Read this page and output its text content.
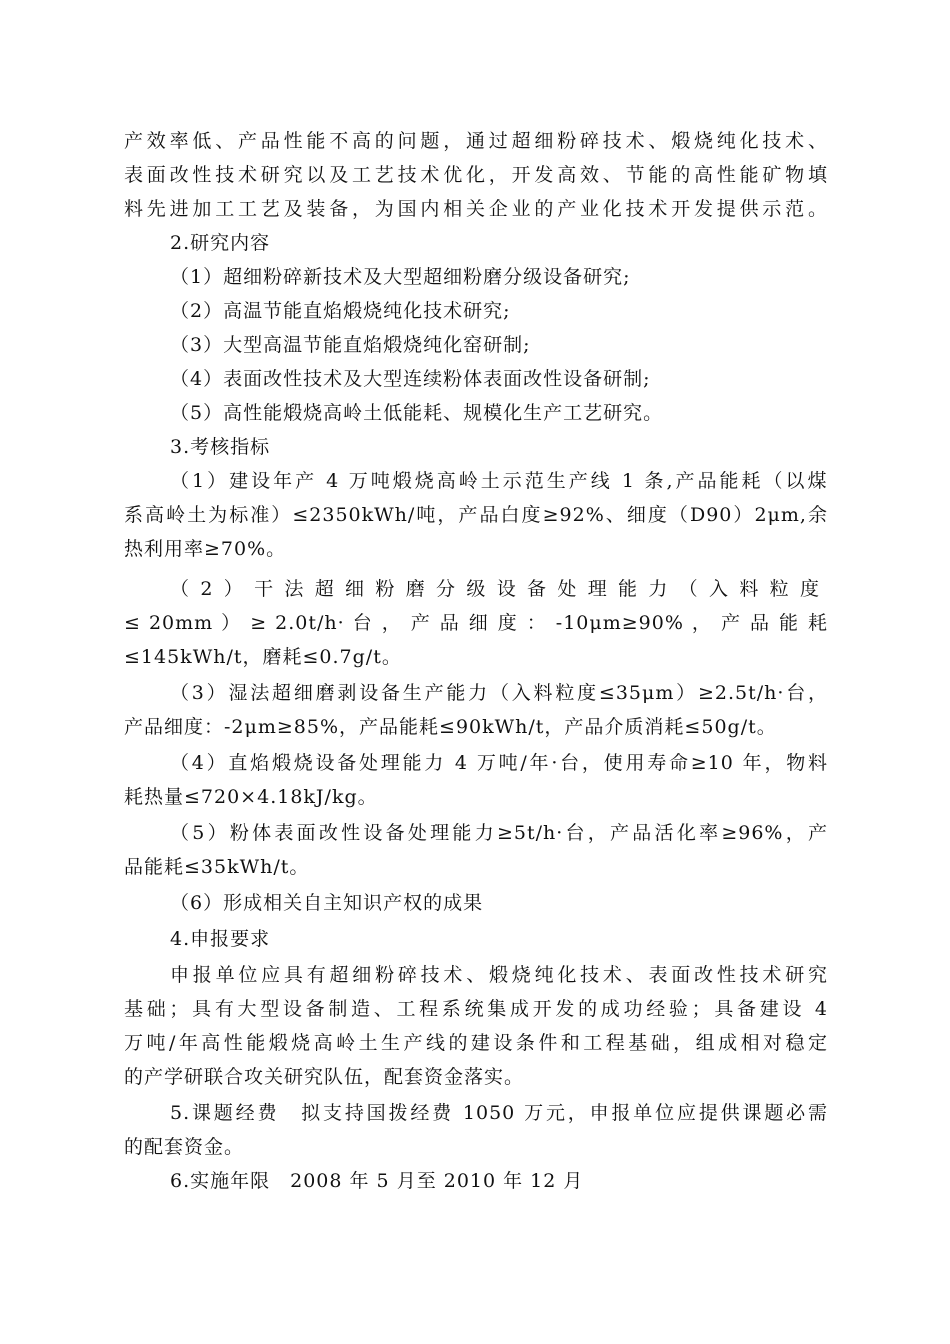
产效率低、产品性能不高的问题，通过超细粉碎技术、煅烧纯化技术、
表面改性技术研究以及工艺技术优化，开发高效、节能的高性能矿物填
料先进加工工艺及装备，为国内相关企业的产业化技术开发提供示范。
2.研究内容
（1）超细粉碎新技术及大型超细粉磨分级设备研究;
（2）高温节能直焰煅烧纯化技术研究;
（3）大型高温节能直焰煅烧纯化窑研制;
（4）表面改性技术及大型连续粉体表面改性设备研制;
（5）高性能煅烧高岭土低能耗、规模化生产工艺研究。
3.考核指标
（1）建设年产 4 万吨煅烧高岭土示范生产线 1 条,产品能耗（以煤
系高岭土为标准）≤2350kWh/吨，产品白度≥92%、细度（D90）2μm,余
热利用率≥70%。
（2）干法超细粉磨分级设备处理能力（入料粒度
≤ 20mm ） ≥ 2.0t/h· 台 ， 产 品 细 度 ： -10μm≥90% ， 产 品 能 耗
≤145kWh/t，磨耗≤0.7g/t。
（3）湿法超细磨剥设备生产能力（入料粒度≤35μm）≥2.5t/h·台，
产品细度：-2μm≥85%，产品能耗≤90kWh/t，产品介质消耗≤50g/t。
（4）直焰煅烧设备处理能力 4 万吨/年·台，使用寿命≥10 年，物料
耗热量≤720×4.18kJ/kg。
（5）粉体表面改性设备处理能力≥5t/h·台，产品活化率≥96%，产
品能耗≤35kWh/t。
（6）形成相关自主知识产权的成果
4.申报要求
申报单位应具有超细粉碎技术、煅烧纯化技术、表面改性技术研究
基础；具有大型设备制造、工程系统集成开发的成功经验；具备建设 4
万吨/年高性能煅烧高岭土生产线的建设条件和工程基础，组成相对稳定
的产学研联合攻关研究队伍，配套资金落实。
5.课题经费　拟支持国拨经费 1050 万元，申报单位应提供课题必需
的配套资金。
6.实施年限　2008 年 5 月至 2010 年 12 月
